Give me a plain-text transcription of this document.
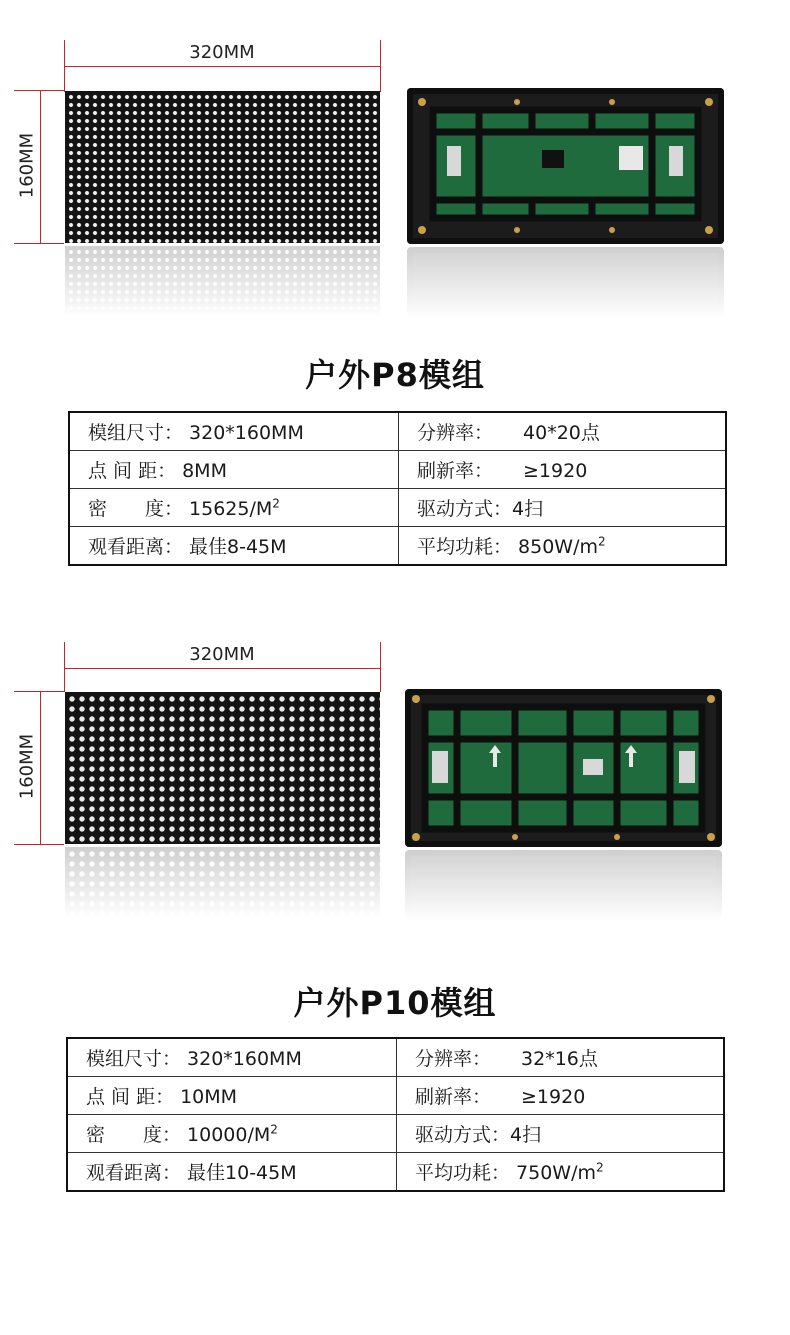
320MM
160MM
户外P8模组
模组尺寸： 320*160MM	分辨率： 40*20点
点 间 距： 8MM	刷新率： ≥1920
密　　度： $15625/M^2$	驱动方式：4扫
观看距离： 最佳8-45M	平均功耗： $850W/m^2$
320MM
160MM
户外P10模组
模组尺寸： 320*160MM	分辨率： 32*16点
点 间 距： 10MM	刷新率： ≥1920
密　　度： $10000/M^2$	驱动方式：4扫
观看距离： 最佳10-45M	平均功耗： $750W/m^2$
